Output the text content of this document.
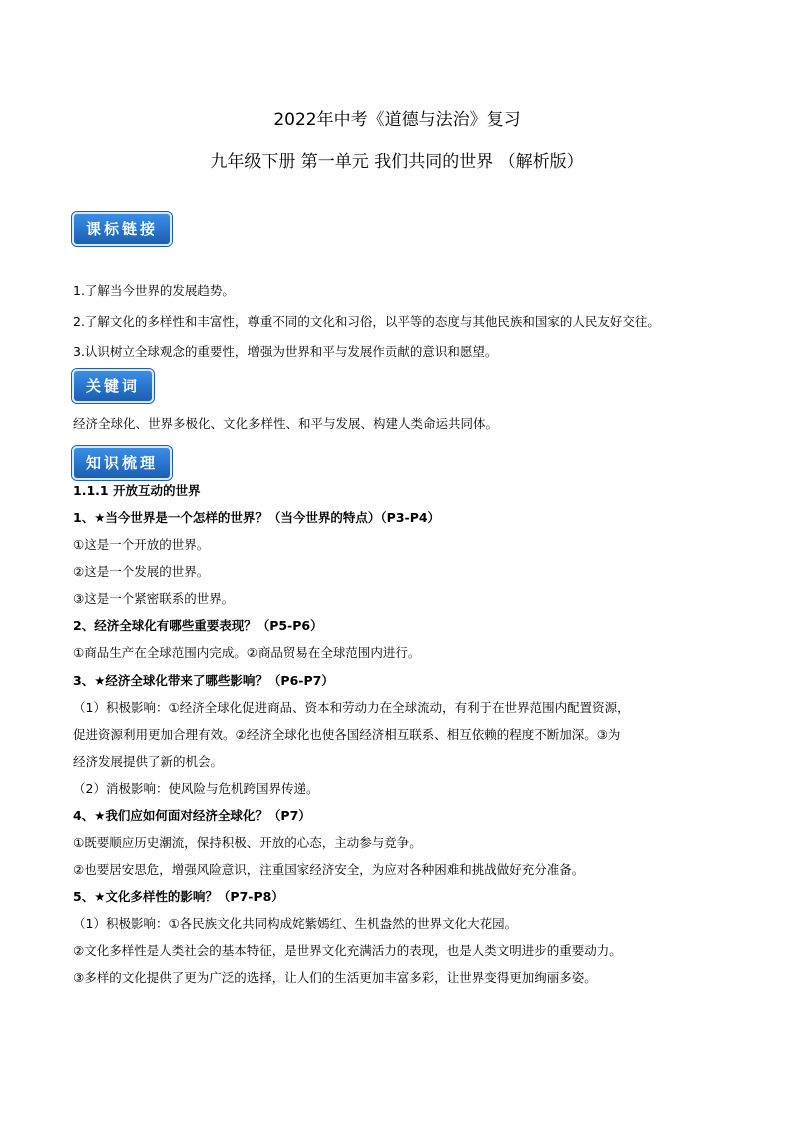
2022年中考《道德与法治》复习
九年级下册 第一单元 我们共同的世界 （解析版）
课标链接
1.了解当今世界的发展趋势。
2.了解文化的多样性和丰富性，尊重不同的文化和习俗，以平等的态度与其他民族和国家的人民友好交往。
3.认识树立全球观念的重要性，增强为世界和平与发展作贡献的意识和愿望。
关键词
经济全球化、世界多极化、文化多样性、和平与发展、构建人类命运共同体。
知识梳理
1.1.1 开放互动的世界
1、★当今世界是一个怎样的世界？（当今世界的特点）（P3-P4）
①这是一个开放的世界。
②这是一个发展的世界。
③这是一个紧密联系的世界。
2、经济全球化有哪些重要表现？（P5-P6）
①商品生产在全球范围内完成。②商品贸易在全球范围内进行。
3、★经济全球化带来了哪些影响？（P6-P7）
（1）积极影响：①经济全球化促进商品、资本和劳动力在全球流动，有利于在世界范围内配置资源，
促进资源利用更加合理有效。②经济全球化也使各国经济相互联系、相互依赖的程度不断加深。③为
经济发展提供了新的机会。
（2）消极影响：使风险与危机跨国界传递。
4、★我们应如何面对经济全球化？（P7）
①既要顺应历史潮流，保持积极、开放的心态，主动参与竞争。
②也要居安思危，增强风险意识，注重国家经济安全，为应对各种困难和挑战做好充分准备。
5、★文化多样性的影响？（P7-P8）
（1）积极影响：①各民族文化共同构成姹紫嫣红、生机盎然的世界文化大花园。
②文化多样性是人类社会的基本特征，是世界文化充满活力的表现，也是人类文明进步的重要动力。
③多样的文化提供了更为广泛的选择，让人们的生活更加丰富多彩，让世界变得更加绚丽多姿。
